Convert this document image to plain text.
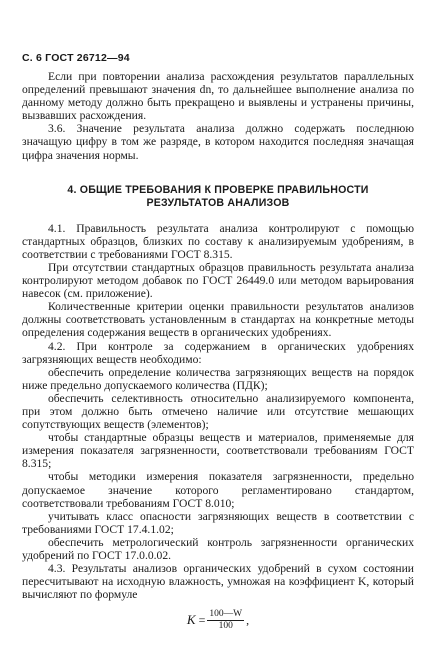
С. 6 ГОСТ 26712—94

Если при повторении анализа расхождения результатов параллельных определений превышают значения dn, то дальнейшее выполнение анализа по данному методу должно быть прекращено и выявлены и устранены причины, вызвавших расхождения.

3.6. Значение результата анализа должно содержать последнюю значащую цифру в том же разряде, в котором находится последняя значащая цифра значения нормы.

4. ОБЩИЕ ТРЕБОВАНИЯ К ПРОВЕРКЕ ПРАВИЛЬНОСТИ
РЕЗУЛЬТАТОВ АНАЛИЗОВ

4.1. Правильность результата анализа контролируют с помощью стандартных образцов, близких по составу к анализируемым удобрениям, в соответствии с требованиями ГОСТ 8.315.

При отсутствии стандартных образцов правильность результата анализа контролируют методом добавок по ГОСТ 26449.0 или методом варьирования навесок (см. приложение).

Количественные критерии оценки правильности результатов анализов должны соответствовать установленным в стандартах на конкретные методы определения содержания веществ в органических удобрениях.

4.2. При контроле за содержанием в органических удобрениях загрязняющих веществ необходимо:

обеспечить определение количества загрязняющих веществ на порядок ниже предельно допускаемого количества (ПДК);

обеспечить селективность относительно анализируемого компонента, при этом должно быть отмечено наличие или отсутствие мешающих сопутствующих веществ (элементов);

чтобы стандартные образцы веществ и материалов, применяемые для измерения показателя загрязненности, соответствовали требованиям ГОСТ 8.315;

чтобы методики измерения показателя загрязненности, предельно допускаемое значение которого регламентировано стандартом, соответствовали требованиям ГОСТ 8.010;

учитывать класс опасности загрязняющих веществ в соответствии с требованиями ГОСТ 17.4.1.02;

обеспечить метрологический контроль загрязненности органических удобрений по ГОСТ 17.0.0.02.

4.3. Результаты анализов органических удобрений в сухом состоянии пересчитывают на исходную влажность, умножая на коэффициент K, который вычисляют по формуле

$K = \frac{100—W}{100}$ ,
